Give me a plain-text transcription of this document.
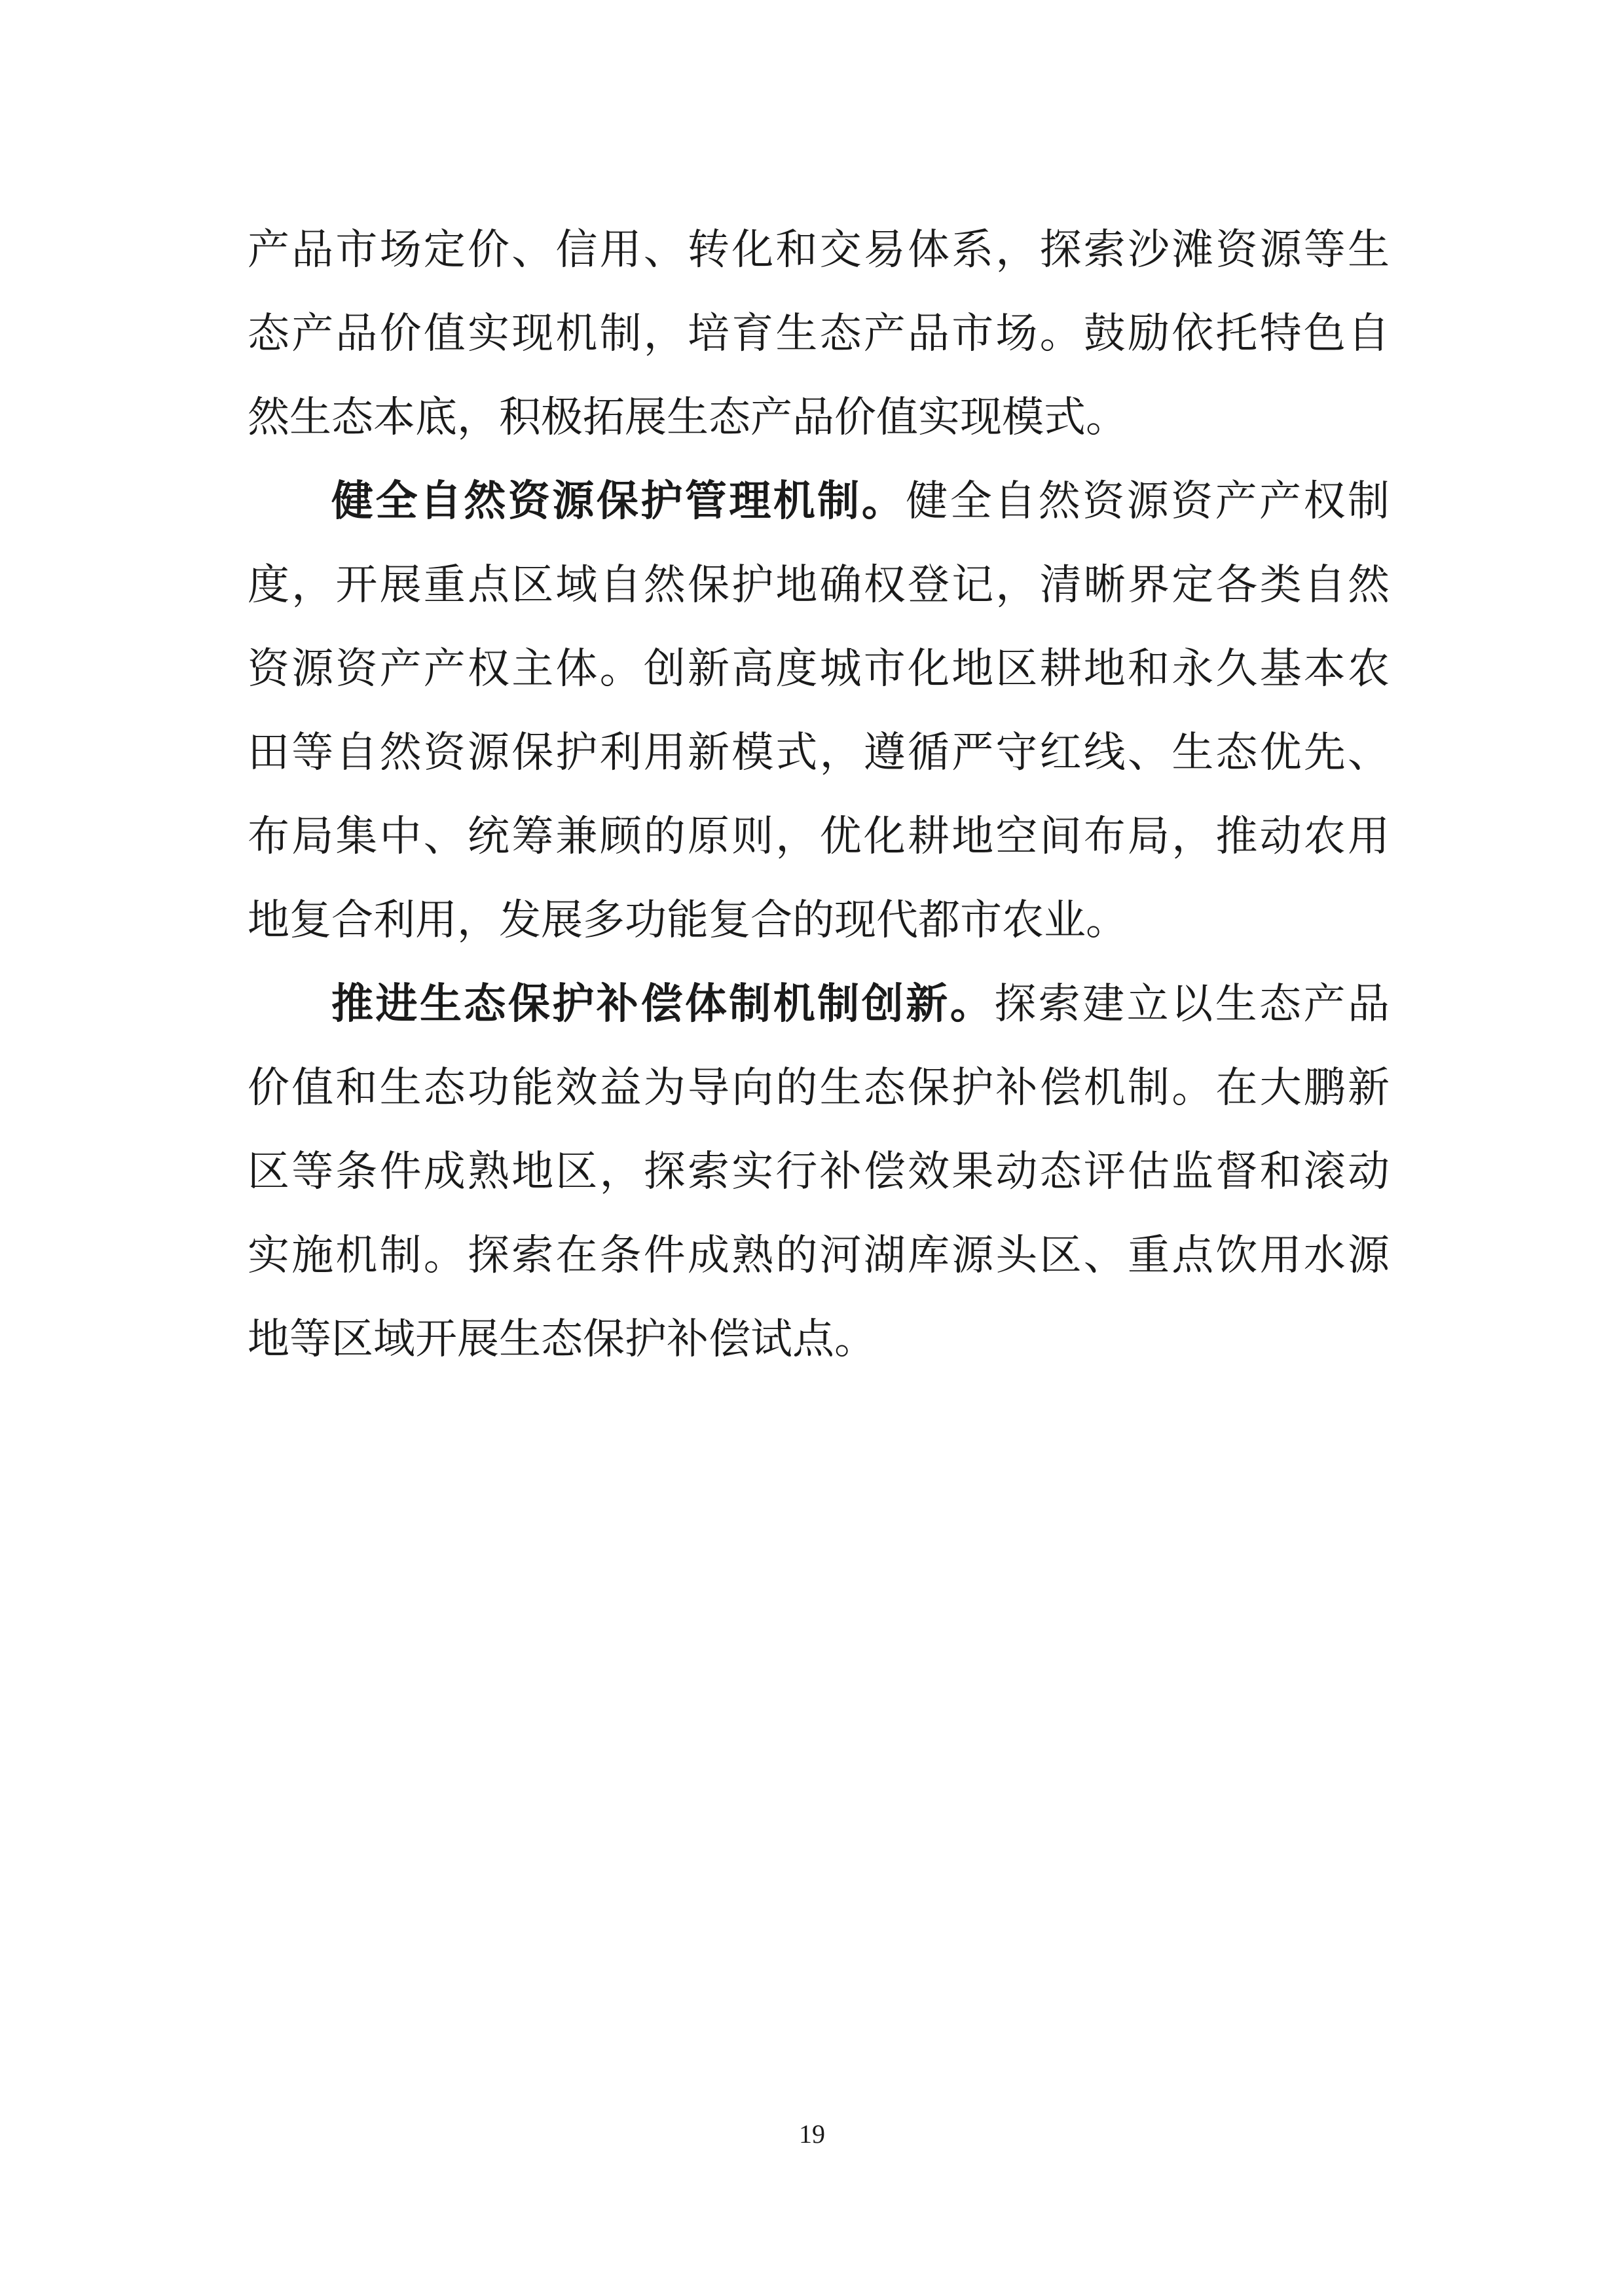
产品市场定价、信用、转化和交易体系，探索沙滩资源等生
态产品价值实现机制，培育生态产品市场。鼓励依托特色自
然生态本底，积极拓展生态产品价值实现模式。
健全自然资源保护管理机制。健全自然资源资产产权制
度，开展重点区域自然保护地确权登记，清晰界定各类自然
资源资产产权主体。创新高度城市化地区耕地和永久基本农
田等自然资源保护利用新模式，遵循严守红线、生态优先、
布局集中、统筹兼顾的原则，优化耕地空间布局，推动农用
地复合利用，发展多功能复合的现代都市农业。
推进生态保护补偿体制机制创新。探索建立以生态产品
价值和生态功能效益为导向的生态保护补偿机制。在大鹏新
区等条件成熟地区，探索实行补偿效果动态评估监督和滚动
实施机制。探索在条件成熟的河湖库源头区、重点饮用水源
地等区域开展生态保护补偿试点。
19
